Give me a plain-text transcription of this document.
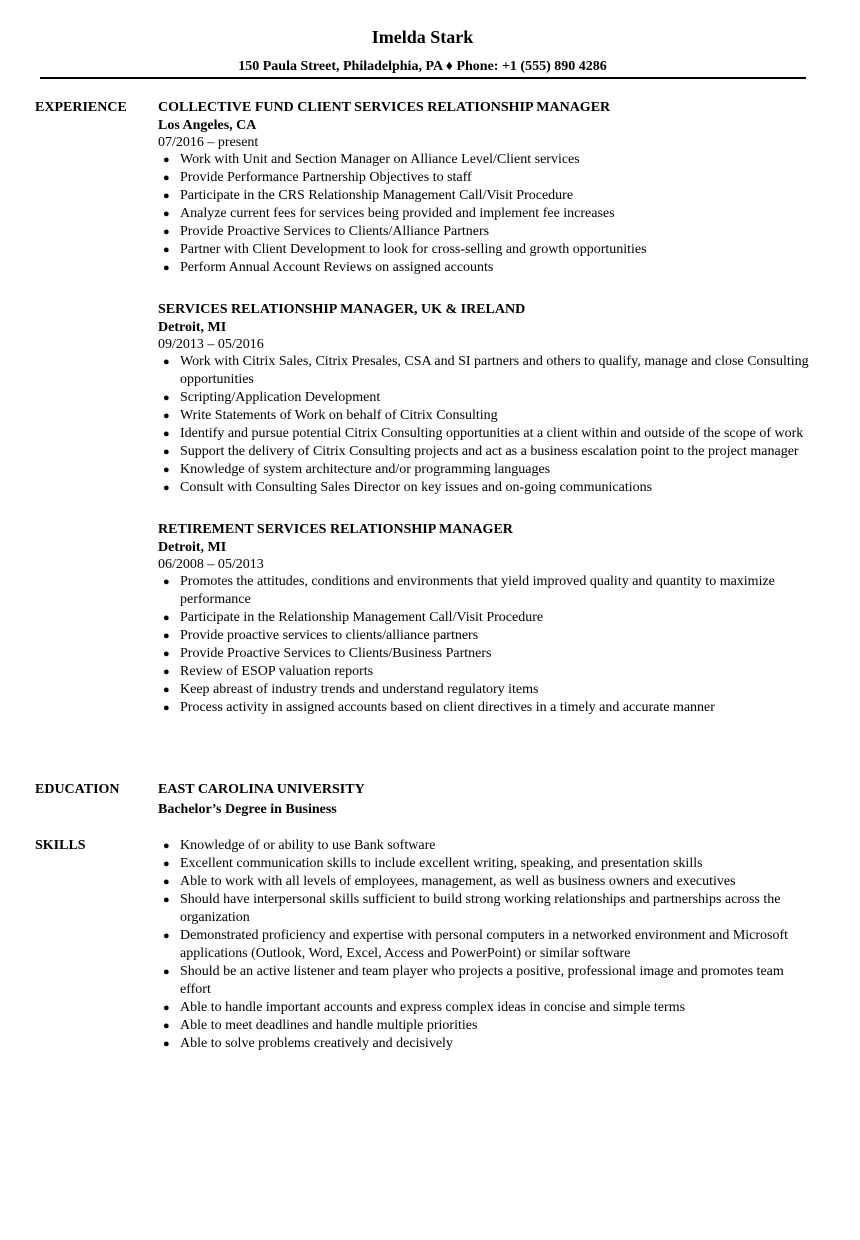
Imelda Stark
150 Paula Street, Philadelphia, PA ♦ Phone: +1 (555) 890 4286
EXPERIENCE COLLECTIVE FUND CLIENT SERVICES RELATIONSHIP MANAGER
Los Angeles, CA
07/2016 – present
● Work with Unit and Section Manager on Alliance Level/Client services
● Provide Performance Partnership Objectives to staff
● Participate in the CRS Relationship Management Call/Visit Procedure
● Analyze current fees for services being provided and implement fee increases
● Provide Proactive Services to Clients/Alliance Partners
● Partner with Client Development to look for cross-selling and growth opportunities
● Perform Annual Account Reviews on assigned accounts
SERVICES RELATIONSHIP MANAGER, UK & IRELAND
Detroit, MI
09/2013 – 05/2016
● Work with Citrix Sales, Citrix Presales, CSA and SI partners and others to qualify, manage and close Consulting opportunities
● Scripting/Application Development
● Write Statements of Work on behalf of Citrix Consulting
● Identify and pursue potential Citrix Consulting opportunities at a client within and outside of the scope of work
● Support the delivery of Citrix Consulting projects and act as a business escalation point to the project manager
● Knowledge of system architecture and/or programming languages
● Consult with Consulting Sales Director on key issues and on-going communications
RETIREMENT SERVICES RELATIONSHIP MANAGER
Detroit, MI
06/2008 – 05/2013
● Promotes the attitudes, conditions and environments that yield improved quality and quantity to maximize performance
● Participate in the Relationship Management Call/Visit Procedure
● Provide proactive services to clients/alliance partners
● Provide Proactive Services to Clients/Business Partners
● Review of ESOP valuation reports
● Keep abreast of industry trends and understand regulatory items
● Process activity in assigned accounts based on client directives in a timely and accurate manner
EDUCATION	EAST CAROLINA UNIVERSITY
Bachelor’s Degree in Business
SKILLS	● Knowledge of or ability to use Bank software
● Excellent communication skills to include excellent writing, speaking, and presentation skills
● Able to work with all levels of employees, management, as well as business owners and executives
● Should have interpersonal skills sufficient to build strong working relationships and partnerships across the organization
● Demonstrated proficiency and expertise with personal computers in a networked environment and Microsoft applications (Outlook, Word, Excel, Access and PowerPoint) or similar software
● Should be an active listener and team player who projects a positive, professional image and promotes team effort
● Able to handle important accounts and express complex ideas in concise and simple terms
● Able to meet deadlines and handle multiple priorities
● Able to solve problems creatively and decisively
